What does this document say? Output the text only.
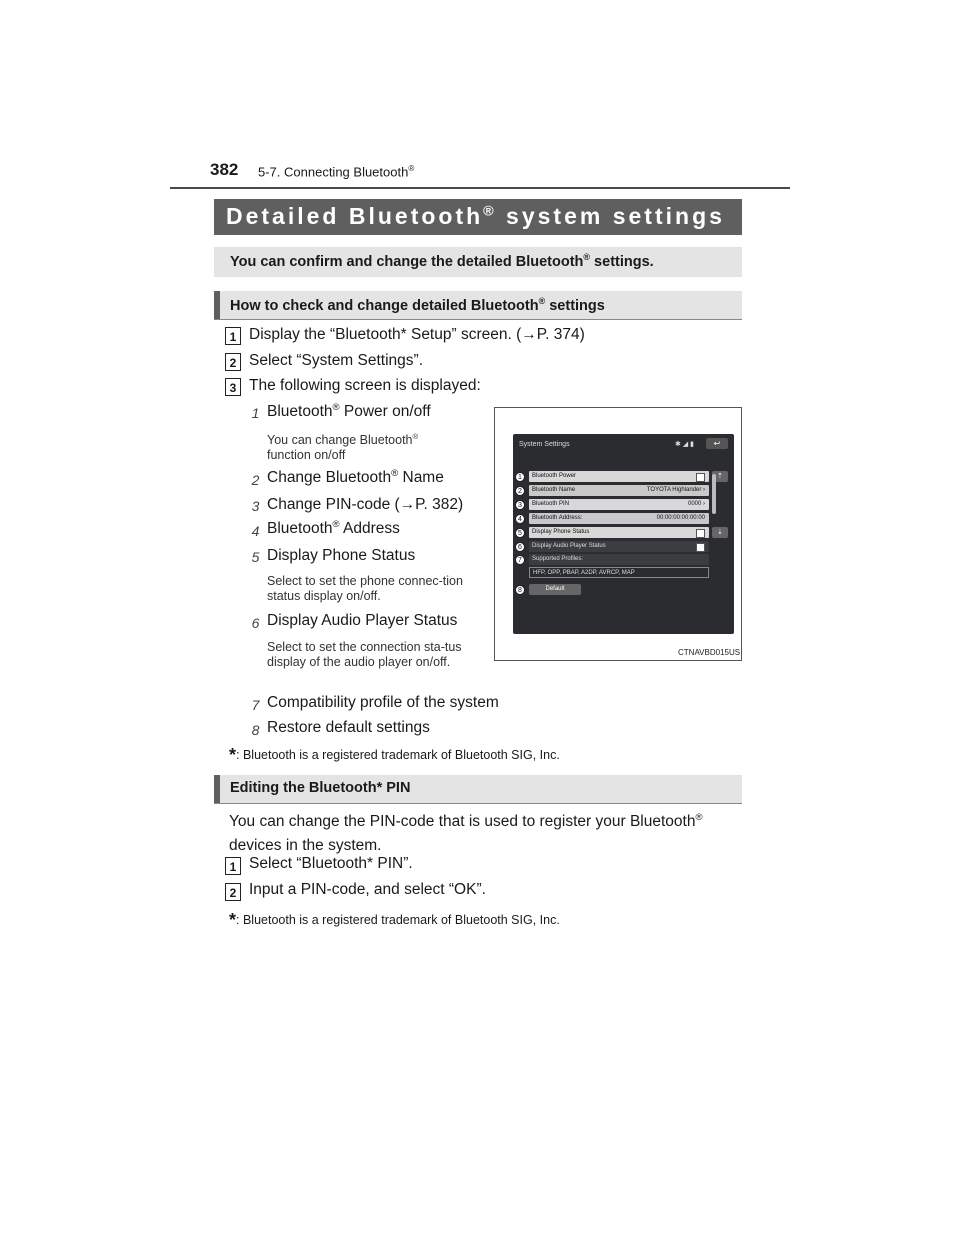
382 5-7. Connecting Bluetooth®
Detailed Bluetooth® system settings
You can confirm and change the detailed Bluetooth® settings.
How to check and change detailed Bluetooth® settings
1 Display the “Bluetooth* Setup” screen. (→P. 374)
2 Select “System Settings”.
3 The following screen is displayed:
1 Bluetooth® Power on/off
You can change Bluetooth®
function on/off
2 Change Bluetooth® Name
3 Change PIN-code (→P. 382)
4 Bluetooth® Address
5 Display Phone Status
Select to set the phone connec-tion status display on/off.
6 Display Audio Player Status
Select to set the connection sta-tus display of the audio player on/off.
7 Compatibility profile of the system
8 Restore default settings
*: Bluetooth is a registered trademark of Bluetooth SIG, Inc.
System Settings	✱ ◢ ▮	↩
⇡
⇣
Bluetooth Power
Bluetooth Name	TOYOTA Highlander ›
Bluetooth PIN	0000 ›
Bluetooth Address:	00:00:00:00:00:00
Display Phone Status
Display Audio Player Status
Supported Profiles:
HFP, OPP, PBAP, A2DP, AVRCP, MAP
Default
1
2
3
4
5
6
7
8
CTNAVBD015US
Editing the Bluetooth* PIN
You can change the PIN-code that is used to register your Bluetooth®
devices in the system.
1 Select “Bluetooth* PIN”.
2 Input a PIN-code, and select “OK”.
*: Bluetooth is a registered trademark of Bluetooth SIG, Inc.
